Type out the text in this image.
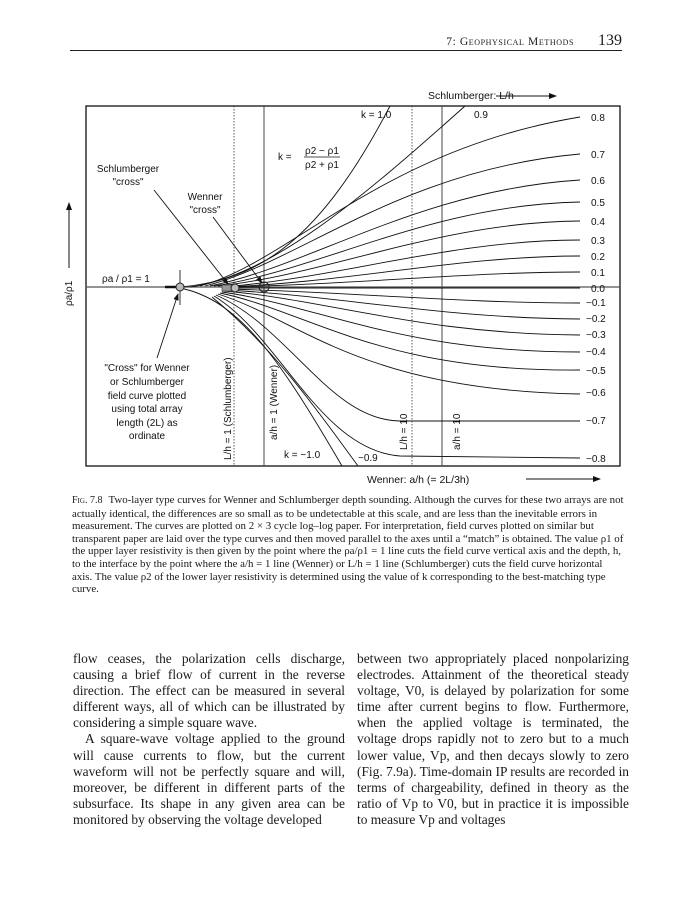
7: Geophysical Methods 139
Schlumberger: L/h
Schlumberger
"cross"
Wenner
"cross"
"Cross" for Wenner
or Schlumberger
field curve plotted
using total array
length (2L) as
ordinate
k =
ρ2 − ρ1
ρ2 + ρ1
ρa / ρ1 = 1
ρa/ρ1
L/h = 1 (Schlumberger)	a/h = 1 (Wenner)	L/h = 10	a/h = 10
k = 1.0	0.9
k = −1.0	−0.9
0.8
0.7
0.6
0.5
0.4
0.3
0.2
0.1
0.0
−0.1
−0.2
−0.3
−0.4
−0.5
−0.6
−0.7
−0.8
Wenner: a/h (= 2L/3h)
Fig. 7.8 Two-layer type curves for Wenner and Schlumberger depth sounding. Although the curves for these two arrays are not actually identical, the differences are so small as to be undetectable at this scale, and are less than the inevitable errors in measurement. The curves are plotted on 2 × 3 cycle log–log paper. For interpretation, field curves plotted on similar but transparent paper are laid over the type curves and then moved parallel to the axes until a “match” is obtained. The value ρ1 of the upper layer resistivity is then given by the point where the ρa/ρ1 = 1 line cuts the field curve vertical axis and the depth, h, to the interface by the point where the a/h = 1 line (Wenner) or L/h = 1 line (Schlumberger) cuts the field curve horizontal axis. The value ρ2 of the lower layer resistivity is determined using the value of k corresponding to the best-matching type curve.

flow ceases, the polarization cells discharge, causing a brief flow of current in the reverse direction. The effect can be measured in several different ways, all of which can be illustrated by considering a simple square wave.

A square-wave voltage applied to the ground will cause currents to flow, but the current waveform will not be perfectly square and will, moreover, be different in different parts of the subsurface. Its shape in any given area can be monitored by observing the voltage developed

between two appropriately placed nonpolarizing electrodes. Attainment of the theoretical steady voltage, V0, is delayed by polarization for some time after current begins to flow. Furthermore, when the applied voltage is terminated, the voltage drops rapidly not to zero but to a much lower value, Vp, and then decays slowly to zero (Fig. 7.9a). Time-domain IP results are recorded in terms of chargeability, defined in theory as the ratio of Vp to V0, but in practice it is impossible to measure Vp and voltages
